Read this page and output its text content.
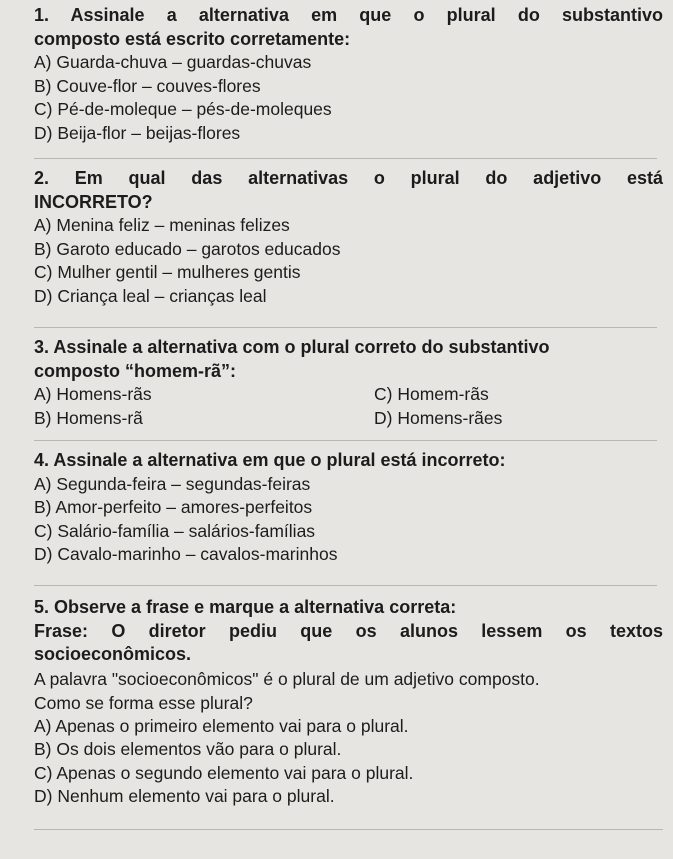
1. Assinale a alternativa em que o plural do substantivo
composto está escrito corretamente:

A) Guarda-chuva – guardas-chuvas

B) Couve-flor – couves-flores

C) Pé-de-moleque – pés-de-moleques

D) Beija-flor – beijas-flores

2. Em qual das alternativas o plural do adjetivo está
INCORRETO?

A) Menina feliz – meninas felizes

B) Garoto educado – garotos educados

C) Mulher gentil – mulheres gentis

D) Criança leal – crianças leal

3. Assinale a alternativa com o plural correto do substantivo
composto “homem-rã”:

A) Homens-rãs	C) Homem-rãs

B) Homens-rã	D) Homens-rães

4. Assinale a alternativa em que o plural está incorreto:

A) Segunda-feira – segundas-feiras

B) Amor-perfeito – amores-perfeitos

C) Salário-família – salários-famílias

D) Cavalo-marinho – cavalos-marinhos

5. Observe a frase e marque a alternativa correta:
Frase: O diretor pediu que os alunos lessem os textos
socioeconômicos.

A palavra "socioeconômicos" é o plural de um adjetivo composto.

Como se forma esse plural?

A) Apenas o primeiro elemento vai para o plural.

B) Os dois elementos vão para o plural.

C) Apenas o segundo elemento vai para o plural.

D) Nenhum elemento vai para o plural.
